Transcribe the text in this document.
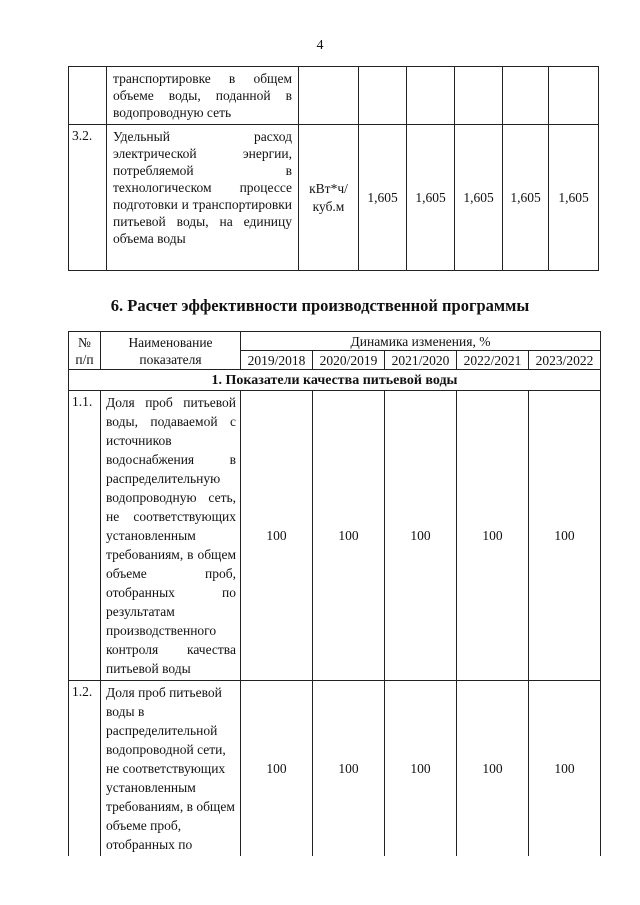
4
	транспортировке в общем объеме воды, поданной в водопроводную сеть						
3.2.	Удельный расход электрической энергии, потребляемой в технологическом процессе подготовки и транспортировки питьевой воды, на единицу объема воды	кВт*ч/ куб.м	1,605	1,605	1,605	1,605	1,605
6. Расчет эффективности производственной программы
№ п/п	Наименование показателя	Динамика изменения, %				
		2019/2018	2020/2019	2021/2020	2022/2021	2023/2022
1. Показатели качества питьевой воды						
1.1.	Доля проб питьевой воды, подаваемой с источников водоснабжения в распределительную водопроводную сеть, не соответствующих установленным требованиям, в общем объеме проб, отобранных по результатам производственного контроля качества питьевой воды	100	100	100	100	100
1.2.	Доля проб питьевой воды в распределительной водопроводной сети, не соответствующих установленным требованиям, в общем объеме проб, отобранных по	100	100	100	100	100
